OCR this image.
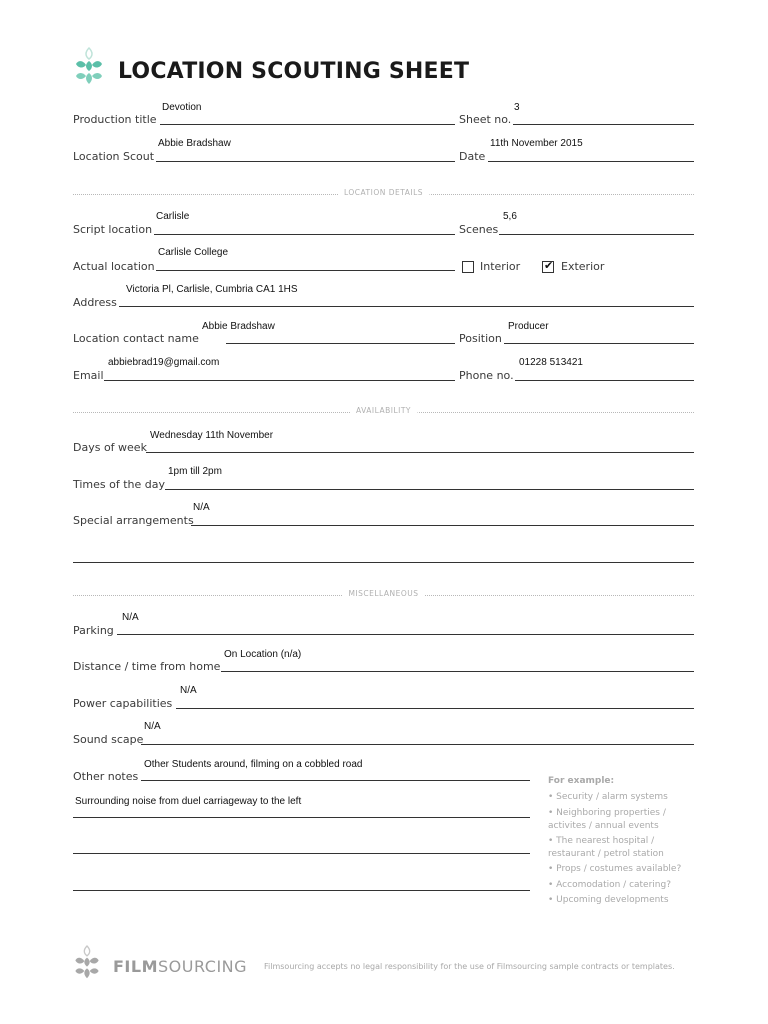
LOCATION SCOUTING SHEET
Devotion
Production title
3
Sheet no.
Abbie Bradshaw
Location Scout
11th November 2015
Date
LOCATION DETAILS
Carlisle
Script location
5,6
Scenes
Carlisle College
Actual location	Interior ✔ Exterior
Victoria Pl, Carlisle, Cumbria CA1 1HS
Address
Abbie Bradshaw
Location contact name
Producer
Position
abbiebrad19@gmail.com
Email
01228 513421
Phone no.
AVAILABILITY
Wednesday 11th November
Days of week
1pm till 2pm
Times of the day
N/A
Special arrangements
MISCELLANEOUS
N/A
Parking
On Location (n/a)
Distance / time from home
N/A
Power capabilities
N/A
Sound scape
Other Students around, filming on a cobbled road
Other notes
Surrounding noise from duel carriageway to the left
For example:
• Security / alarm systems
• Neighboring properties /
activites / annual events
• The nearest hospital /
restaurant / petrol station
• Props / costumes available?
• Accomodation / catering?
• Upcoming developments
FILMSOURCING Filmsourcing accepts no legal responsibility for the use of Filmsourcing sample contracts or templates.
